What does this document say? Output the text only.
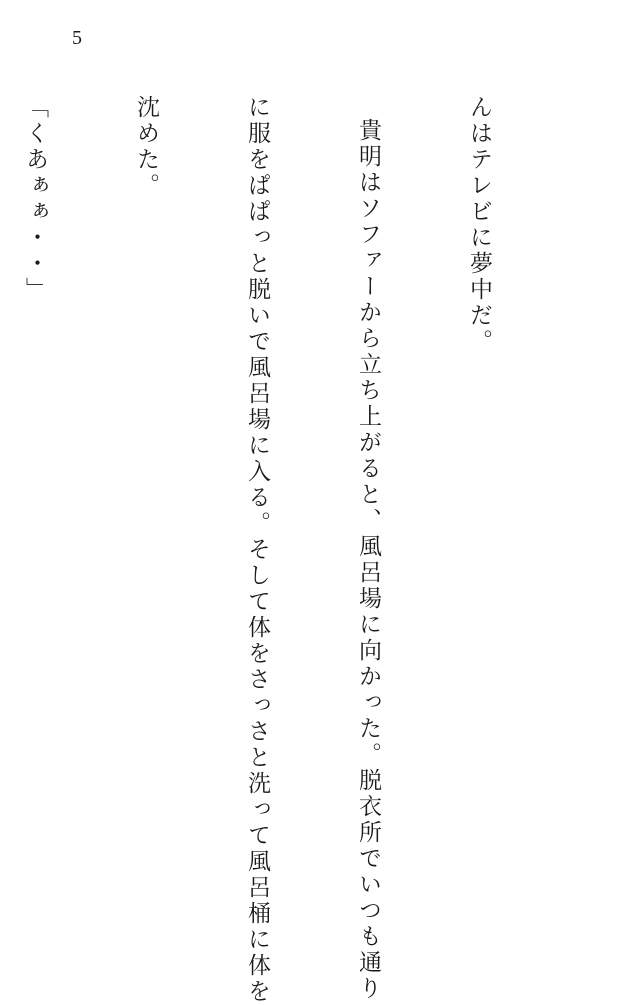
5

んはテレビに夢中だ。

貴明はソファーから立ち上がると、風呂場に向かった。脱衣所でいつも通り

に服をぱぱっと脱いで風呂場に入る。そして体をさっさと洗って風呂桶に体を

沈めた。

「くあぁぁ・・」
